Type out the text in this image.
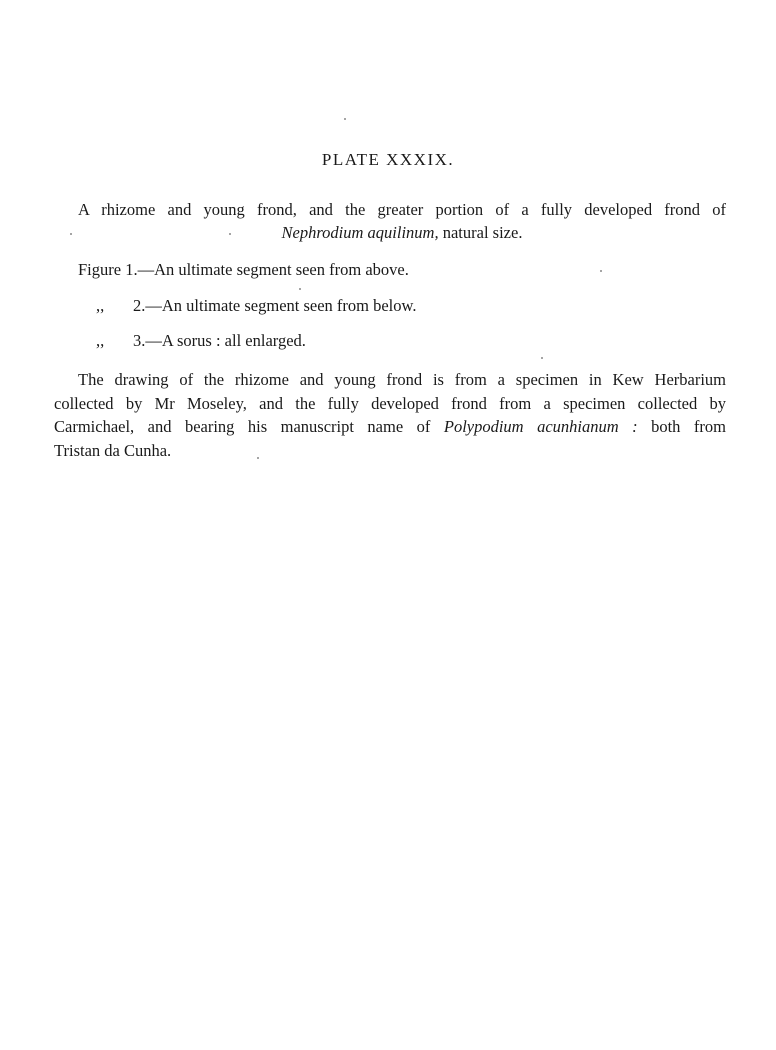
PLATE XXXIX.
A rhizome and young frond, and the greater portion of a fully developed frond of
Nephrodium aquilinum, natural size.
Figure 1.—An ultimate segment seen from above.
,, 2.—An ultimate segment seen from below.
,, 3.—A sorus : all enlarged.
The drawing of the rhizome and young frond is from a specimen in Kew Herbarium
collected by Mr Moseley, and the fully developed frond from a specimen collected by
Carmichael, and bearing his manuscript name of Polypodium acunhianum : both from
Tristan da Cunha.
